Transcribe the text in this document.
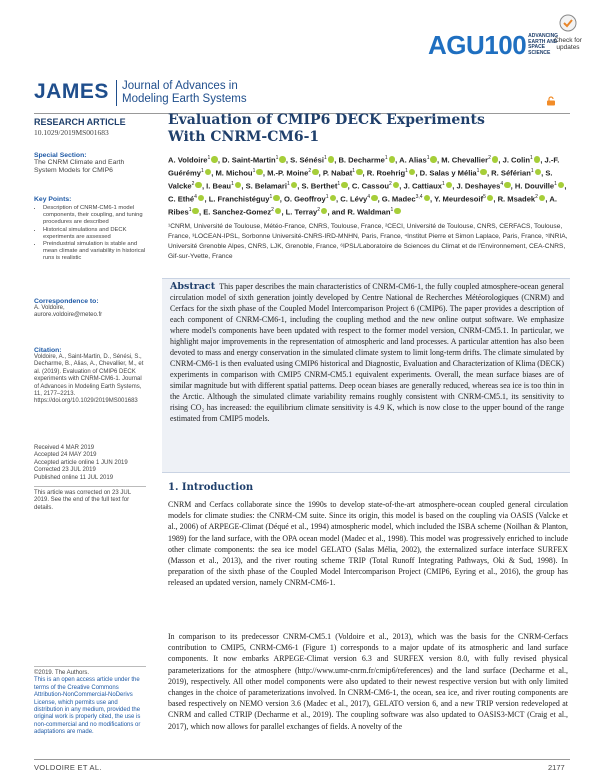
AGU100 ADVANCING
EARTH AND
SPACE SCIENCE
Check for
updates
JAMES Journal of Advances in
Modeling Earth Systems
RESEARCH ARTICLE
10.1029/2019MS001683
Special Section:
The CNRM Climate and Earth System Models for CMIP6
Key Points:
• Description of CNRM-CM6-1 model components, their coupling, and tuning procedures are described
• Historical simulations and DECK experiments are assessed
• Preindustrial simulation is stable and mean climate and variability in historical runs is realistic
Correspondence to:
A. Voldoire,
aurore.voldoire@meteo.fr
Citation:
Voldoire, A., Saint-Martin, D., Sénési, S., Decharme, B., Alias, A., Chevallier, M., et al. (2019). Evaluation of CMIP6 DECK experiments with CNRM-CM6-1. Journal of Advances in Modeling Earth Systems, 11, 2177–2213. https://doi.org/10.1029/2019MS001683
Received 4 MAR 2019
Accepted 24 MAY 2019
Accepted article online 1 JUN 2019
Corrected 23 JUL 2019
Published online 11 JUL 2019
This article was corrected on 23 JUL 2019. See the end of the full text for details.
©2019. The Authors.
This is an open access article under the terms of the Creative Commons Attribution-NonCommercial-NoDerivs License, which permits use and distribution in any medium, provided the original work is properly cited, the use is non-commercial and no modifications or adaptations are made.
Evaluation of CMIP6 DECK Experiments
With CNRM-CM6-1
A. Voldoire$^1$ , D. Saint-Martin$^1$ , S. Sénési$^1$ , B. Decharme$^1$ , A. Alias$^1$ , M. Chevallier$^2$ , J. Colin$^1$ , J.-F. Guérémy$^1$ , M. Michou$^1$ , M.-P. Moine$^2$ , P. Nabat$^1$ , R. Roehrig$^1$ , D. Salas y Mélia$^1$ , R. Séférian$^1$ , S. Valcke$^2$ , I. Beau$^1$ , S. Belamari$^1$ , S. Berthet$^1$ , C. Cassou$^2$ , J. Cattiaux$^1$ , J. Deshayes$^4$ , H. Douville$^1$ , C. Ethé$^4$ , L. Franchistéguy$^1$ , O. Geoffroy$^1$ , C. Lévy$^4$ , G. Madec$^{3,4}$ , Y. Meurdesoif$^5$ , R. Msadek$^2$ , A. Ribes$^1$ , E. Sanchez-Gomez$^2$ , L. Terray$^2$ , and R. Waldman$^1$
¹CNRM, Université de Toulouse, Météo-France, CNRS, Toulouse, France, ²CECI, Université de Toulouse, CNRS, CERFACS, Toulouse, France, ³LOCEAN-IPSL, Sorbonne Université-CNRS-IRD-MNHN, Paris, France, ⁴Institut Pierre et Simon Laplace, Paris, France, ⁵INRIA, Université Grenoble Alpes, CNRS, LJK, Grenoble, France, ⁶IPSL/Laboratoire de Sciences du Climat et de l'Environnement, CEA-CNRS, Gif-sur-Yvette, France
Abstract This paper describes the main characteristics of CNRM-CM6-1, the fully coupled atmosphere-ocean general circulation model of sixth generation jointly developed by Centre National de Recherches Météorologiques (CNRM) and Cerfacs for the sixth phase of the Coupled Model Intercomparison Project 6 (CMIP6). The paper provides a description of each component of CNRM-CM6-1, including the coupling method and the new online output software. We emphasize where model's components have been updated with respect to the former model version, CNRM-CM5.1. In particular, we highlight major improvements in the representation of atmospheric and land processes. A particular attention has also been devoted to mass and energy conservation in the simulated climate system to limit long-term drifts. The climate simulated by CNRM-CM6-1 is then evaluated using CMIP6 historical and Diagnostic, Evaluation and Characterization of Klima (DECK) experiments in comparison with CMIP5 CNRM-CM5.1 equivalent experiments. Overall, the mean surface biases are of similar magnitude but with different spatial patterns. Deep ocean biases are generally reduced, whereas sea ice is too thin in the Arctic. Although the simulated climate variability remains roughly consistent with CNRM-CM5.1, its sensitivity to rising CO₂ has increased: the equilibrium climate sensitivity is 4.9 K, which is now close to the upper bound of the range estimated from CMIP5 models.
1. Introduction
CNRM and Cerfacs collaborate since the 1990s to develop state-of-the-art atmosphere-ocean coupled general circulation models for climate studies: the CNRM-CM suite. Since its origin, this model is based on the coupling via OASIS (Valcke et al., 2006) of ARPEGE-Climat (Déqué et al., 1994) atmospheric model, which included the ISBA scheme (Noilhan & Planton, 1989) for the land surface, with the OPA ocean model (Madec et al., 1998). This model was progressively enriched to include other climate components: the sea ice model GELATO (Salas Mélia, 2002), the externalized surface interface SURFEX (Masson et al., 2013), and the river routing scheme TRIP (Total Runoff Integrating Pathways, Oki & Sud, 1998). In preparation of the sixth phase of the Coupled Model Intercomparison Project (CMIP6, Eyring et al., 2016), the group has released an updated version, namely CNRM-CM6-1.
In comparison to its predecessor CNRM-CM5.1 (Voldoire et al., 2013), which was the basis for the CNRM-Cerfacs contribution to CMIP5, CNRM-CM6-1 (Figure 1) corresponds to a major update of its atmospheric and land surface components. It now embarks ARPEGE-Climat version 6.3 and SURFEX version 8.0, with fully revised physical parameterizations for the atmosphere (http://www.umr-cnrm.fr/cmip6/references) and the land surface (Decharme et al., 2019), respectively. All other model components were also updated to their newest respective version but with only limited changes in the choice of parameterizations involved. In CNRM-CM6-1, the ocean, sea ice, and river routing components are based respectively on NEMO version 3.6 (Madec et al., 2017), GELATO version 6, and a new TRIP version redeveloped at CNRM and called CTRIP (Decharme et al., 2019). The coupling software was also updated to OASIS3-MCT (Craig et al., 2017), which now allows for parallel exchanges of fields. A novelty of the
VOLDOIRE ET AL.	2177
